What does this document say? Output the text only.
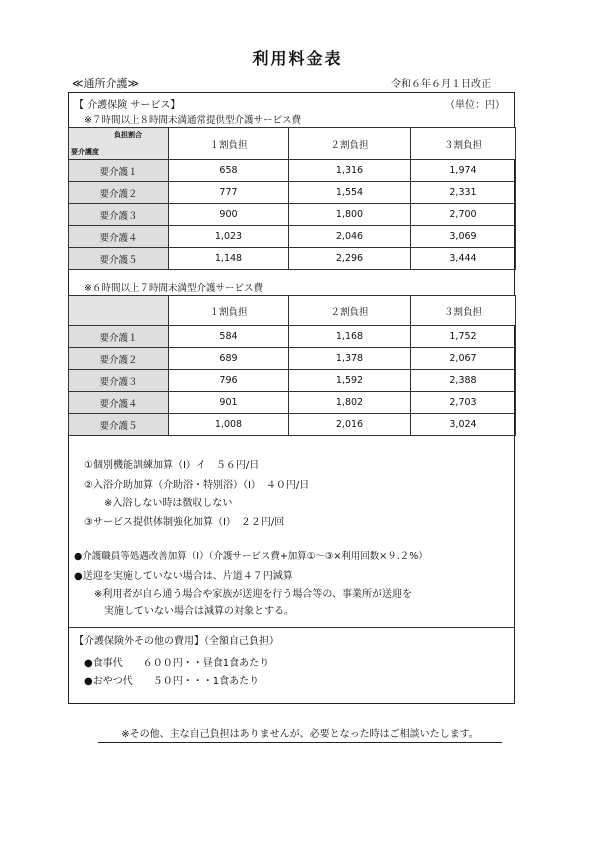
利用料金表
≪通所介護≫	令和６年６月１日改正
【 介護保険 サービス】	（単位：円）
※７時間以上８時間未満通常提供型介護サービス費
負担割合
要介護度	１割負担	２割負担	３割負担
要介護１	658	1,316	1,974
要介護２	777	1,554	2,331
要介護３	900	1,800	2,700
要介護４	1,023	2,046	3,069
要介護５	1,148	2,296	3,444
※６時間以上７時間未満型介護サービス費
	１割負担	２割負担	３割負担
要介護１	584	1,168	1,752
要介護２	689	1,378	2,067
要介護３	796	1,592	2,388
要介護４	901	1,802	2,703
要介護５	1,008	2,016	3,024
①個別機能訓練加算（Ⅰ）イ　５６円/日
②入浴介助加算（介助浴・特別浴）（Ⅰ）　４０円/日
※入浴しない時は徴収しない
③サービス提供体制強化加算（Ⅰ）　２２円/回
●介護職員等処遇改善加算（Ⅰ）（介護サービス費+加算①～③×利用回数×９.２%）
●送迎を実施していない場合は、片道４７円減算
※利用者が自ら通う場合や家族が送迎を行う場合等の、事業所が送迎を
実施していない場合は減算の対象とする。
【介護保険外その他の費用】（全額自己負担）
●食事代　　６００円・・昼食1食あたり
●おやつ代　　５０円・・・1食あたり
※その他、主な自己負担はありませんが、必要となった時はご相談いたします。
